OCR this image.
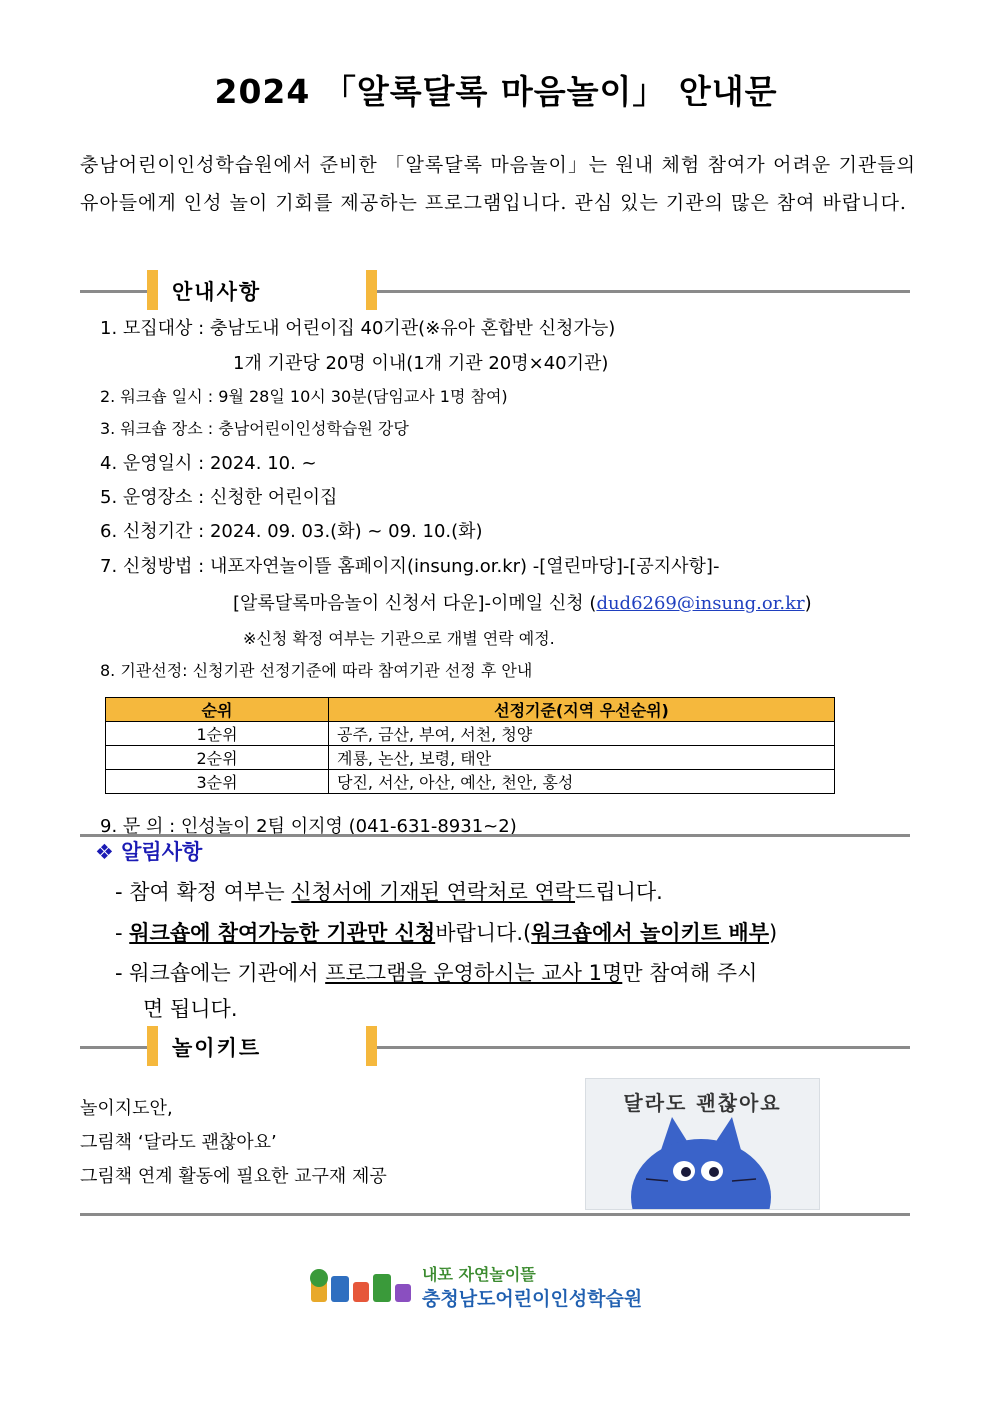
2024 「알록달록 마음놀이」 안내문
충남어린이인성학습원에서 준비한 「알록달록 마음놀이」는 원내 체험 참여가 어려운 기관들의 유아들에게 인성 놀이 기회를 제공하는 프로그램입니다. 관심 있는 기관의 많은 참여 바랍니다.
안내사항
1. 모집대상 : 충남도내 어린이집 40기관(※유아 혼합반 신청가능)
1개 기관당 20명 이내(1개 기관 20명×40기관)
2. 워크숍 일시 : 9월 28일 10시 30분(담임교사 1명 참여)
3. 워크숍 장소 : 충남어린이인성학습원 강당
4. 운영일시 : 2024. 10. ~
5. 운영장소 : 신청한 어린이집
6. 신청기간 : 2024. 09. 03.(화) ~ 09. 10.(화)
7. 신청방법 : 내포자연놀이뜰 홈페이지(insung.or.kr) -[열린마당]-[공지사항]-
[알록달록마음놀이 신청서 다운]-이메일 신청 (dud6269@insung.or.kr)
※신청 확정 여부는 기관으로 개별 연락 예정.
8. 기관선정: 신청기관 선정기준에 따라 참여기관 선정 후 안내
순위	선정기준(지역 우선순위)
1순위	공주, 금산, 부여, 서천, 청양
2순위	계룡, 논산, 보령, 태안
3순위	당진, 서산, 아산, 예산, 천안, 홍성
9. 문 의 : 인성놀이 2팀 이지영 (041-631-8931~2)
❖ 알림사항
- 참여 확정 여부는 신청서에 기재된 연락처로 연락드립니다.
- 워크숍에 참여가능한 기관만 신청바랍니다.(워크숍에서 놀이키트 배부)
- 워크숍에는 기관에서 프로그램을 운영하시는 교사 1명만 참여해 주시
면 됩니다.
놀이키트
놀이지도안,
그림책 ‘달라도 괜찮아요’
그림책 연계 활동에 필요한 교구재 제공
달라도 괜찮아요
내포 자연놀이뜰
충청남도어린이인성학습원
